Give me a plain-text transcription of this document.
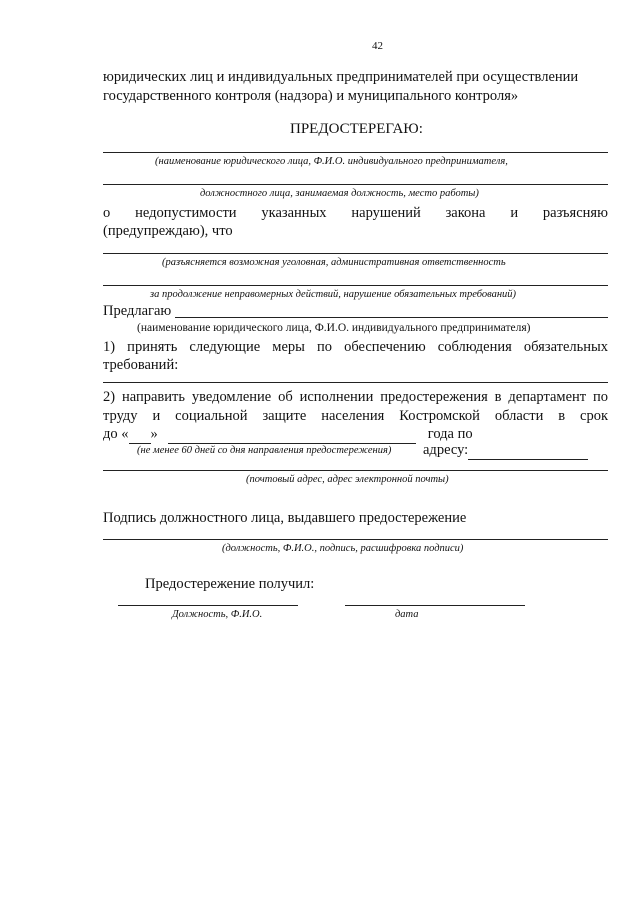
42
юридических лиц и индивидуальных предпринимателей при осуществлении
государственного контроля (надзора) и муниципального контроля»
ПРЕДОСТЕРЕГАЮ:
(наименование юридического лица, Ф.И.О. индивидуального предпринимателя,
должностного лица, занимаемая должность, место работы)
о недопустимости указанных нарушений закона и разъясняю
(предупреждаю), что
(разъясняется возможная уголовная, административная ответственность
за продолжение неправомерных действий, нарушение обязательных требований)
Предлагаю
(наименование юридического лица, Ф.И.О. индивидуального предпринимателя)
1) принять следующие меры по обеспечению соблюдения обязательных
требований:
2) направить уведомление об исполнении предостережения в департамент по
труду и социальной защите населения Костромской области в срок
до « »	года по
(не менее 60 дней со дня направления предостережения) адресу:
(почтовый адрес, адрес электронной почты)
Подпись должностного лица, выдавшего предостережение
(должность, Ф.И.О., подпись, расшифровка подписи)
Предостережение получил:
Должность, Ф.И.О.	дата
